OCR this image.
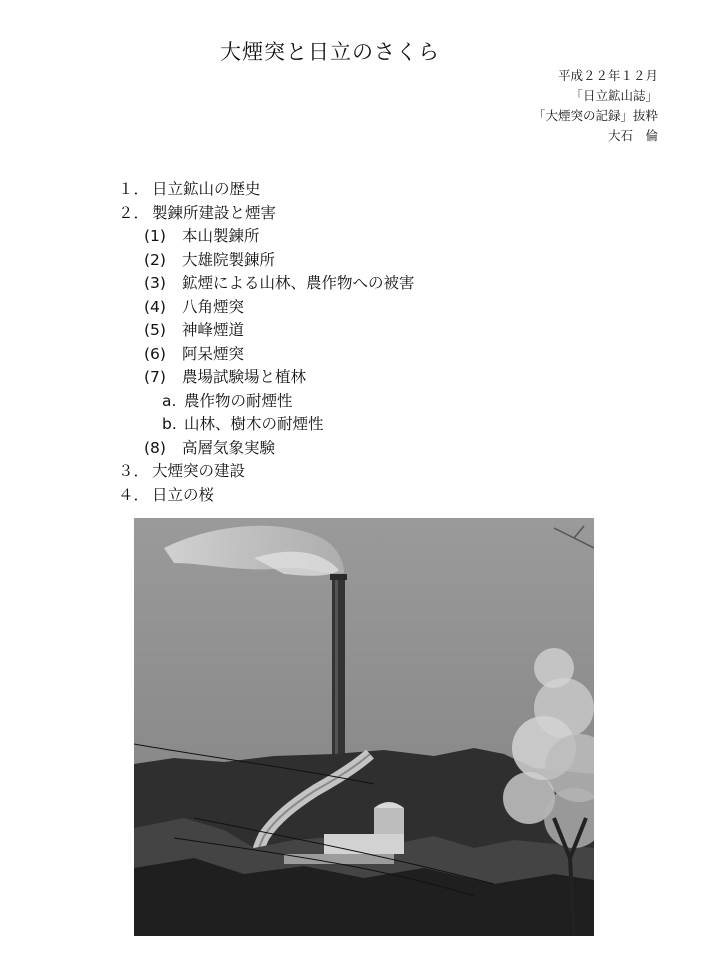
大煙突と日立のさくら
平成２２年１２月
「日立鉱山誌」
「大煙突の記録」抜粋
大石　倫
１． 日立鉱山の歴史
２． 製錬所建設と煙害
(1) 本山製錬所
(2) 大雄院製錬所
(3) 鉱煙による山林、農作物への被害
(4) 八角煙突
(5) 神峰煙道
(6) 阿呆煙突
(7) 農場試験場と植林
a. 農作物の耐煙性
b. 山林、樹木の耐煙性
(8) 高層気象実験
３． 大煙突の建設
４． 日立の桜
